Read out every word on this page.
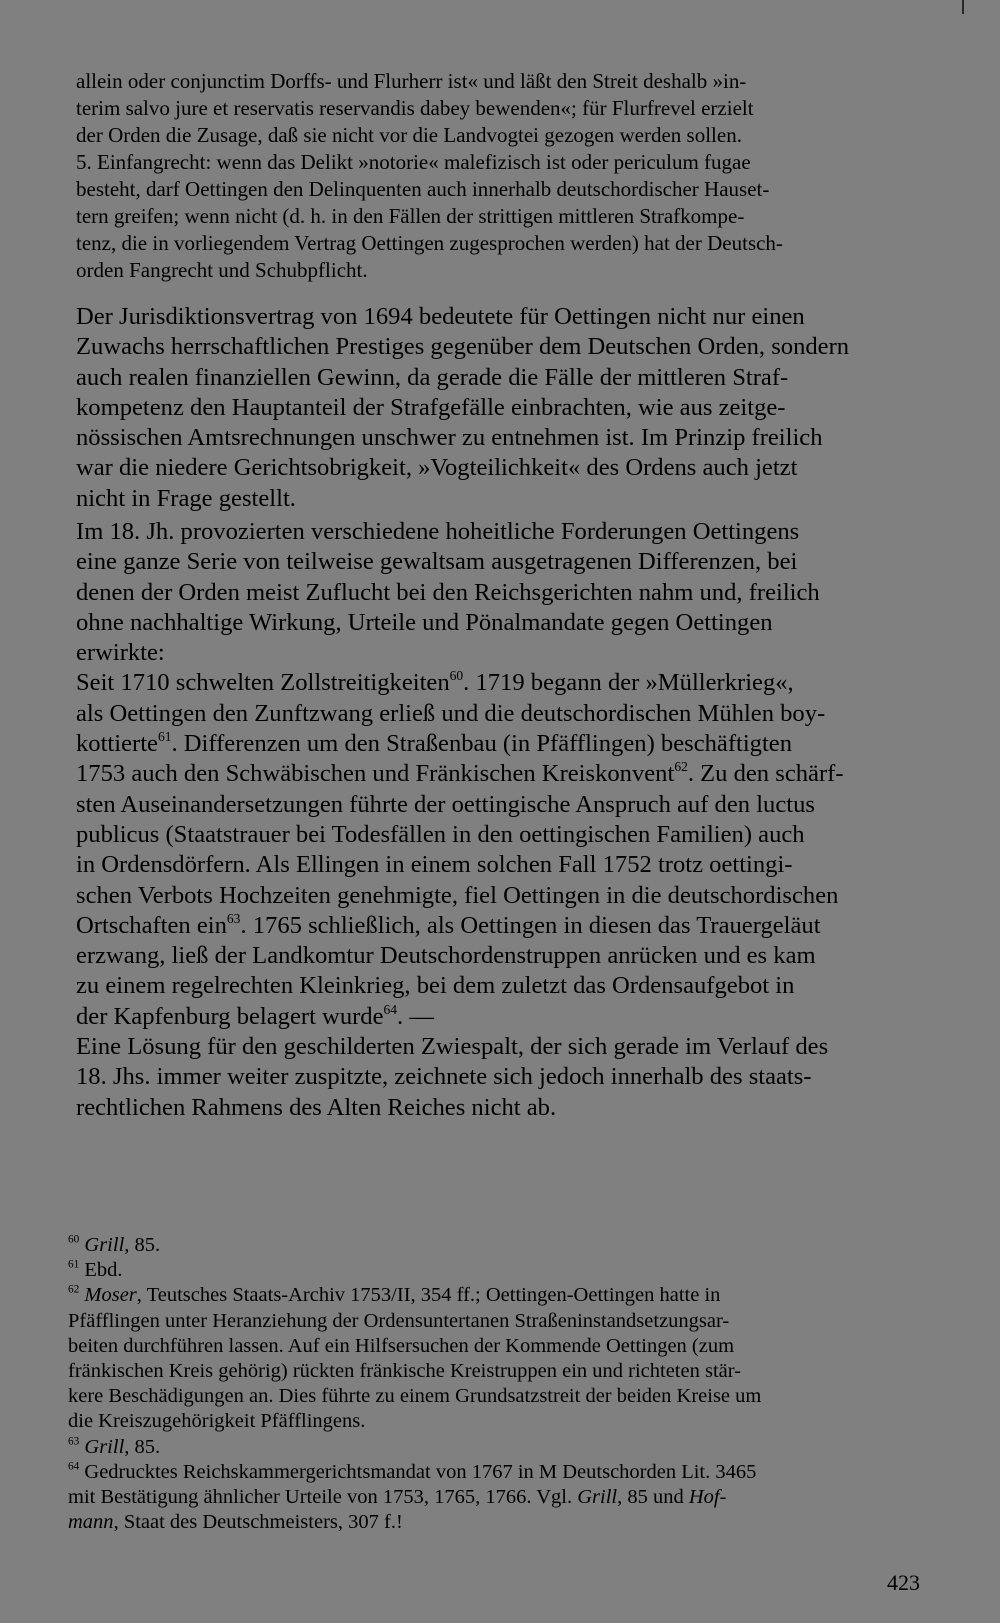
allein oder conjunctim Dorffs- und Flurherr ist« und läßt den Streit deshalb »in-
terim salvo jure et reservatis reservandis dabey bewenden«; für Flurfrevel erzielt
der Orden die Zusage, daß sie nicht vor die Landvogtei gezogen werden sollen.
5. Einfangrecht: wenn das Delikt »notorie« malefizisch ist oder periculum fugae
besteht, darf Oettingen den Delinquenten auch innerhalb deutschordischer Hauset-
tern greifen; wenn nicht (d. h. in den Fällen der strittigen mittleren Strafkompe-
tenz, die in vorliegendem Vertrag Oettingen zugesprochen werden) hat der Deutsch-
orden Fangrecht und Schubpflicht.
Der Jurisdiktionsvertrag von 1694 bedeutete für Oettingen nicht nur einen
Zuwachs herrschaftlichen Prestiges gegenüber dem Deutschen Orden, sondern
auch realen finanziellen Gewinn, da gerade die Fälle der mittleren Straf-
kompetenz den Hauptanteil der Strafgefälle einbrachten, wie aus zeitge-
nössischen Amtsrechnungen unschwer zu entnehmen ist. Im Prinzip freilich
war die niedere Gerichtsobrigkeit, »Vogteilichkeit« des Ordens auch jetzt
nicht in Frage gestellt.
Im 18. Jh. provozierten verschiedene hoheitliche Forderungen Oettingens
eine ganze Serie von teilweise gewaltsam ausgetragenen Differenzen, bei
denen der Orden meist Zuflucht bei den Reichsgerichten nahm und, freilich
ohne nachhaltige Wirkung, Urteile und Pönalmandate gegen Oettingen
erwirkte:
Seit 1710 schwelten Zollstreitigkeiten$^{60}$. 1719 begann der »Müllerkrieg«,
als Oettingen den Zunftzwang erließ und die deutschordischen Mühlen boy-
kottierte$^{61}$. Differenzen um den Straßenbau (in Pfäfflingen) beschäftigten
1753 auch den Schwäbischen und Fränkischen Kreiskonvent$^{62}$. Zu den schärf-
sten Auseinandersetzungen führte der oettingische Anspruch auf den luctus
publicus (Staatstrauer bei Todesfällen in den oettingischen Familien) auch
in Ordensdörfern. Als Ellingen in einem solchen Fall 1752 trotz oettingi-
schen Verbots Hochzeiten genehmigte, fiel Oettingen in die deutschordischen
Ortschaften ein$^{63}$. 1765 schließlich, als Oettingen in diesen das Trauergeläut
erzwang, ließ der Landkomtur Deutschordenstruppen anrücken und es kam
zu einem regelrechten Kleinkrieg, bei dem zuletzt das Ordensaufgebot in
der Kapfenburg belagert wurde$^{64}$. —
Eine Lösung für den geschilderten Zwiespalt, der sich gerade im Verlauf des
18. Jhs. immer weiter zuspitzte, zeichnete sich jedoch innerhalb des staats-
rechtlichen Rahmens des Alten Reiches nicht ab.
$^{60}$ Grill, 85.
$^{61}$ Ebd.
$^{62}$ Moser, Teutsches Staats-Archiv 1753/II, 354 ff.; Oettingen-Oettingen hatte in
Pfäfflingen unter Heranziehung der Ordensuntertanen Straßeninstandsetzungsar-
beiten durchführen lassen. Auf ein Hilfsersuchen der Kommende Oettingen (zum
fränkischen Kreis gehörig) rückten fränkische Kreistruppen ein und richteten stär-
kere Beschädigungen an. Dies führte zu einem Grundsatzstreit der beiden Kreise um
die Kreiszugehörigkeit Pfäfflingens.
$^{63}$ Grill, 85.
$^{64}$ Gedrucktes Reichskammergerichtsmandat von 1767 in M Deutschorden Lit. 3465
mit Bestätigung ähnlicher Urteile von 1753, 1765, 1766. Vgl. Grill, 85 und Hof-
mann, Staat des Deutschmeisters, 307 f.!
423
